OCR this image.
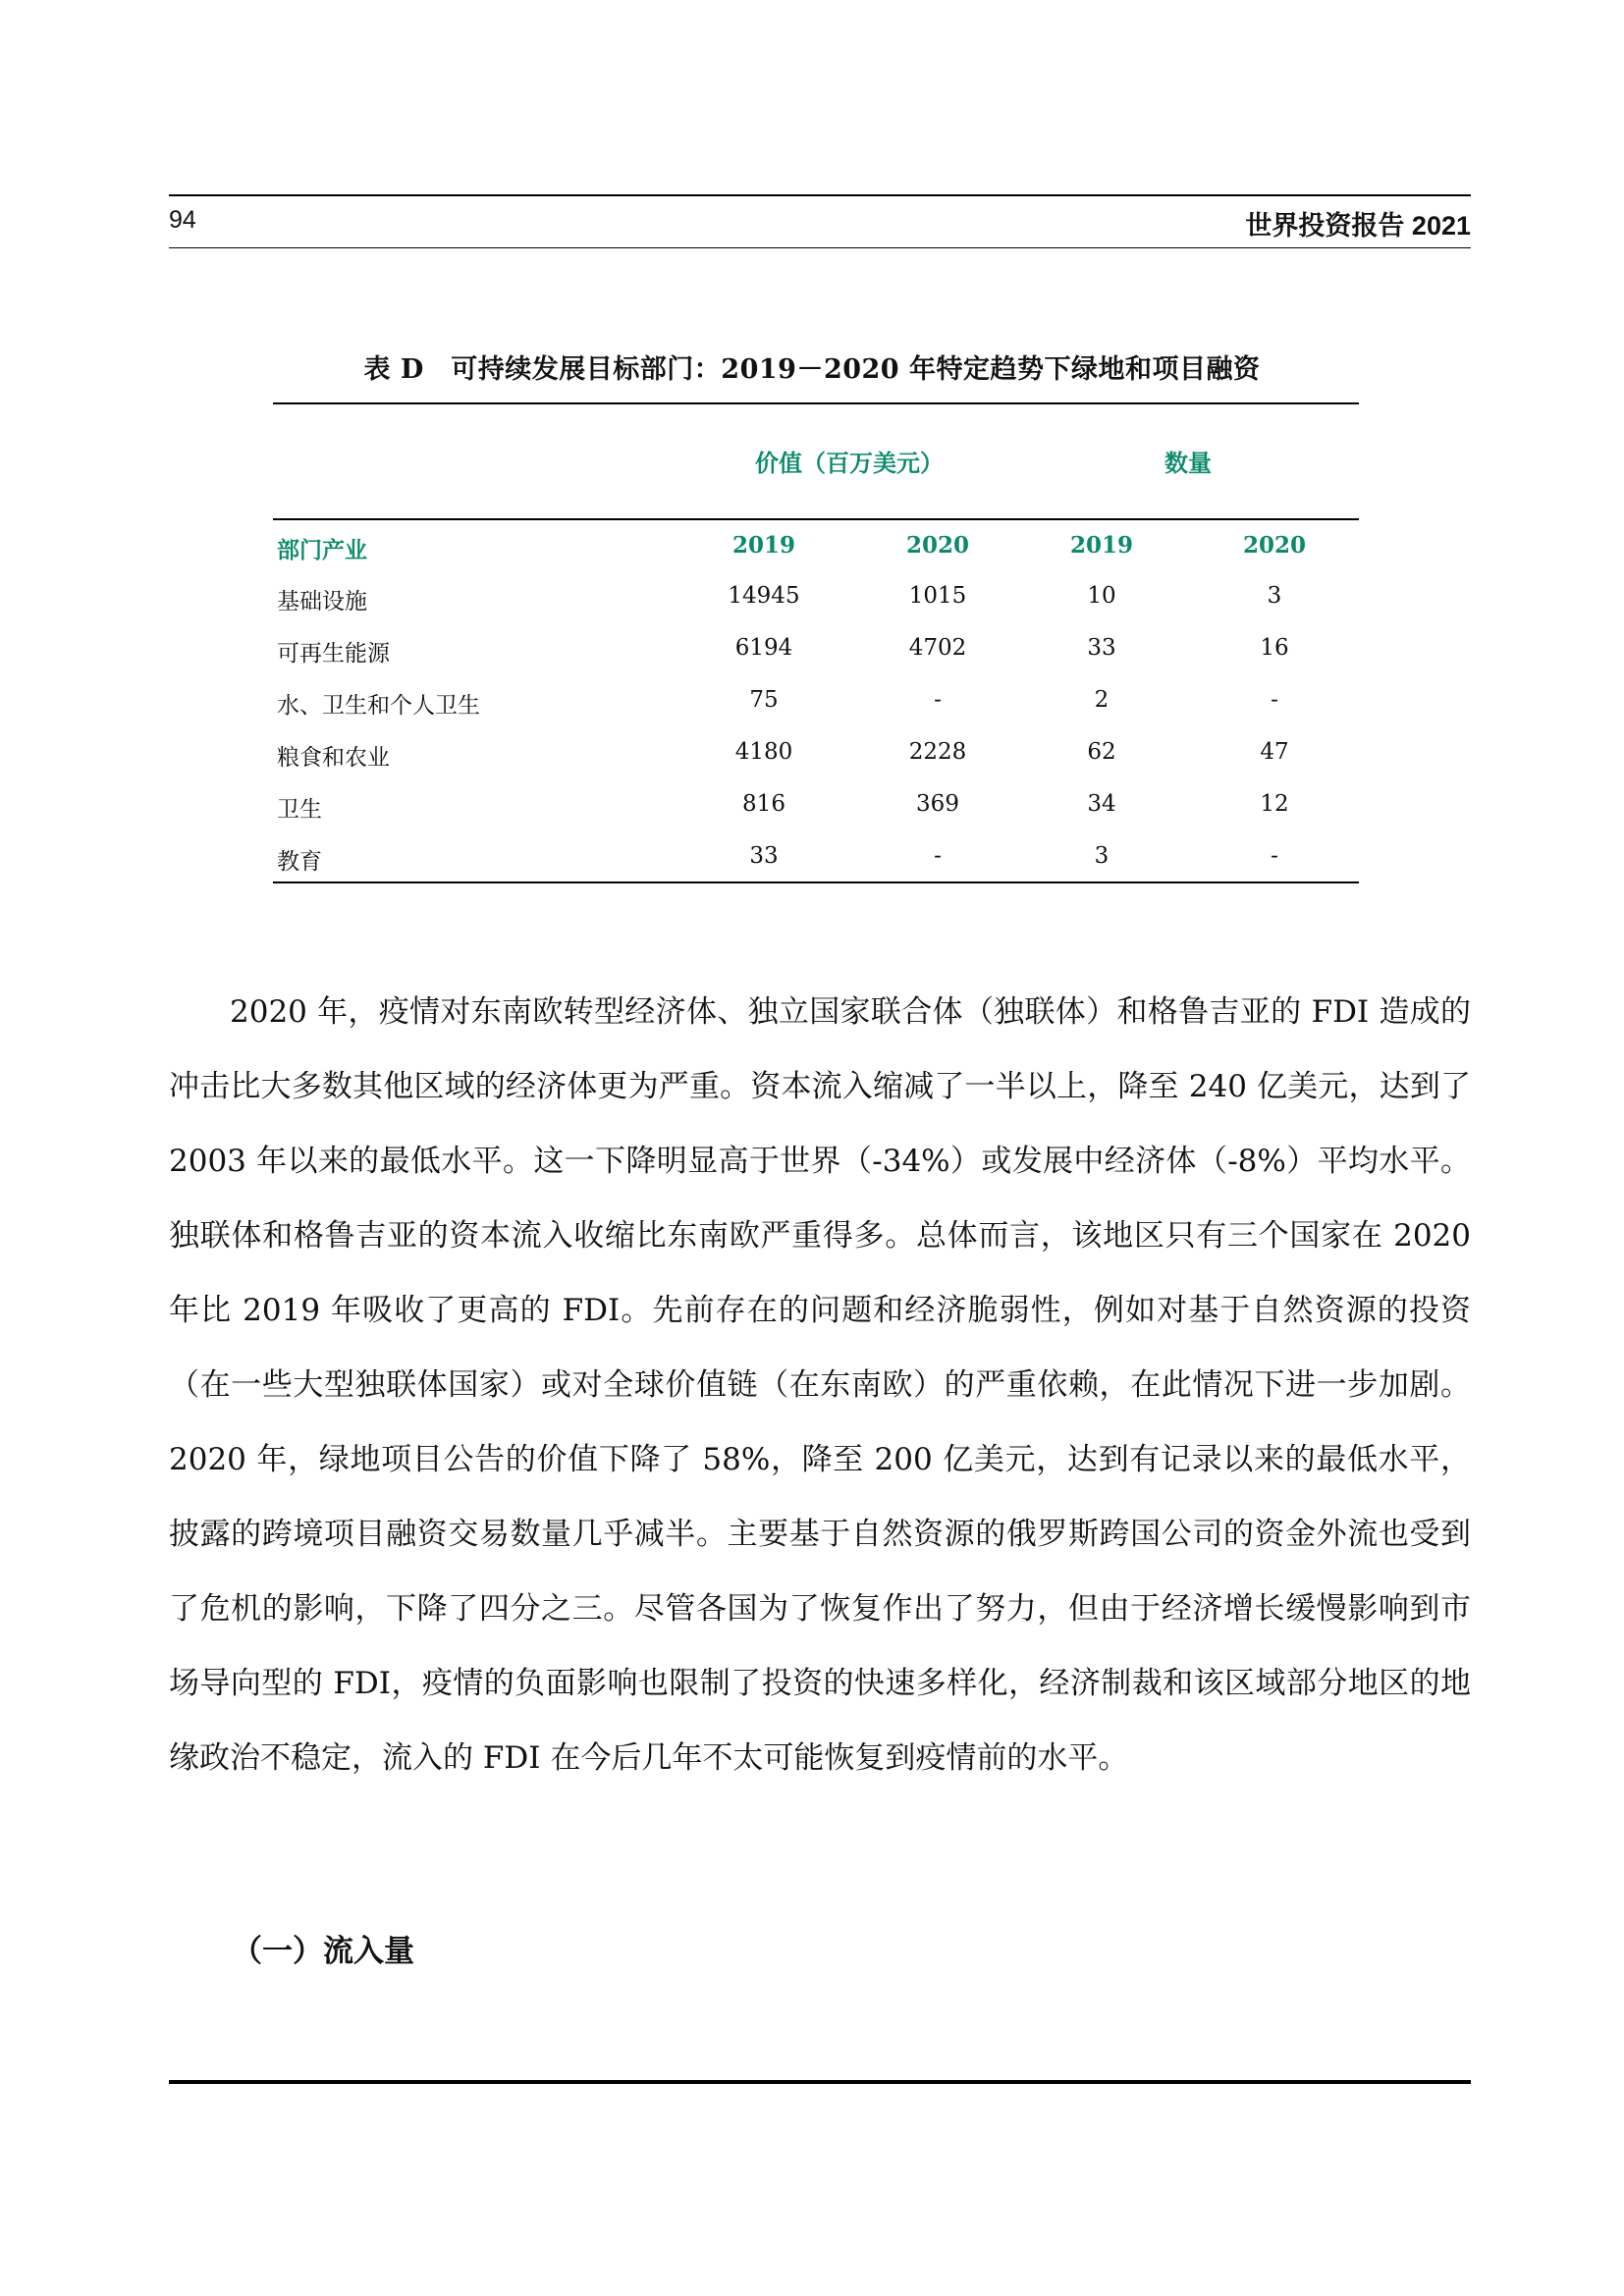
94	世界投资报告 2021
表 D　可持续发展目标部门：2019－2020 年特定趋势下绿地和项目融资
价值（百万美元）	数量
部门产业	2019	2020	2019	2020
基础设施	14945	1015	10	3
可再生能源	6194	4702	33	16
水、卫生和个人卫生	75	-	2	-
粮食和农业	4180	2228	62	47
卫生	816	369	34	12
教育	33	-	3	-

2020 年，疫情对东南欧转型经济体、独立国家联合体（独联体）和格鲁吉亚的 FDI 造成的冲击比大多数其他区域的经济体更为严重。资本流入缩减了一半以上，降至 240 亿美元，达到了 2003 年以来的最低水平。这一下降明显高于世界（-34%）或发展中经济体（-8%）平均水平。独联体和格鲁吉亚的资本流入收缩比东南欧严重得多。总体而言，该地区只有三个国家在 2020 年比 2019 年吸收了更高的 FDI。先前存在的问题和经济脆弱性，例如对基于自然资源的投资（在一些大型独联体国家）或对全球价值链（在东南欧）的严重依赖，在此情况下进一步加剧。2020 年，绿地项目公告的价值下降了 58%，降至 200 亿美元，达到有记录以来的最低水平，披露的跨境项目融资交易数量几乎减半。主要基于自然资源的俄罗斯跨国公司的资金外流也受到了危机的影响，下降了四分之三。尽管各国为了恢复作出了努力，但由于经济增长缓慢影响到市场导向型的 FDI，疫情的负面影响也限制了投资的快速多样化，经济制裁和该区域部分地区的地缘政治不稳定，流入的 FDI 在今后几年不太可能恢复到疫情前的水平。

（一）流入量
